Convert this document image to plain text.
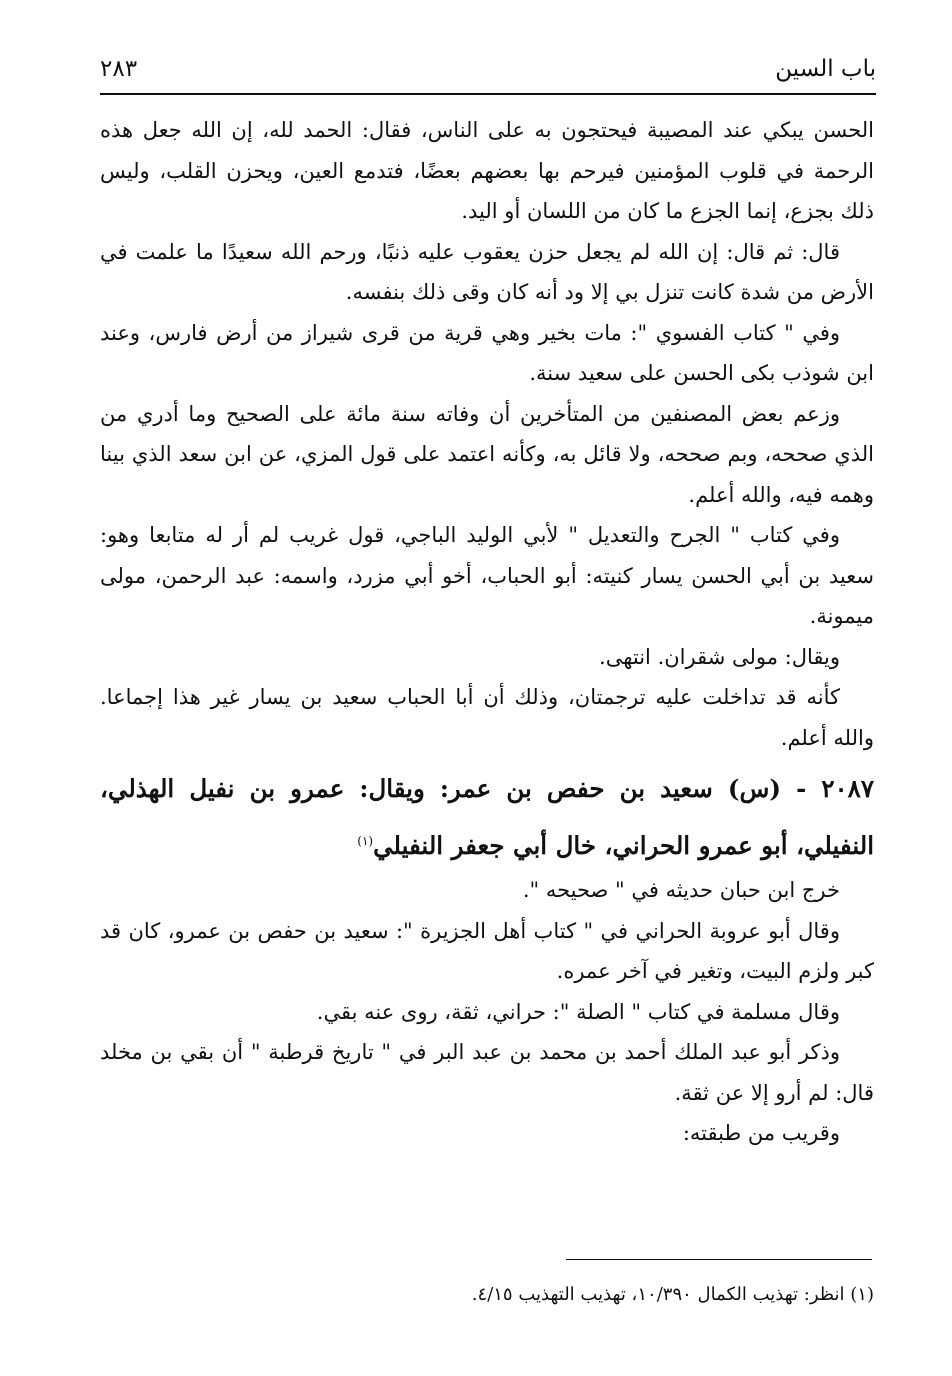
باب السين
٢٨٣

الحسن يبكي عند المصيبة فيحتجون به على الناس، فقال: الحمد لله، إن الله جعل هذه الرحمة في قلوب المؤمنين فيرحم بها بعضهم بعضًا، فتدمع العين، ويحزن القلب، وليس ذلك بجزع، إنما الجزع ما كان من اللسان أو اليد.

قال: ثم قال: إن الله لم يجعل حزن يعقوب عليه ذنبًا، ورحم الله سعيدًا ما علمت في الأرض من شدة كانت تنزل بي إلا ود أنه كان وقى ذلك بنفسه.

وفي " كتاب الفسوي ": مات بخير وهي قرية من قرى شيراز من أرض فارس، وعند ابن شوذب بكى الحسن على سعيد سنة.

وزعم بعض المصنفين من المتأخرين أن وفاته سنة مائة على الصحيح وما أدري من الذي صححه، وبم صححه، ولا قائل به، وكأنه اعتمد على قول المزي، عن ابن سعد الذي بينا وهمه فيه، والله أعلم.

وفي كتاب " الجرح والتعديل " لأبي الوليد الباجي، قول غريب لم أر له متابعا وهو: سعيد بن أبي الحسن يسار كنيته: أبو الحباب، أخو أبي مزرد، واسمه: عبد الرحمن، مولى ميمونة.

ويقال: مولى شقران. انتهى.

كأنه قد تداخلت عليه ترجمتان، وذلك أن أبا الحباب سعيد بن يسار غير هذا إجماعا. والله أعلم.

٢٠٨٧ - (س) سعيد بن حفص بن عمر: ويقال: عمرو بن نفيل الهذلي، النفيلي، أبو عمرو الحراني، خال أبي جعفر النفيلي$^{(١)}$

خرج ابن حبان حديثه في " صحيحه ".

وقال أبو عروبة الحراني في " كتاب أهل الجزيرة ": سعيد بن حفص بن عمرو، كان قد كبر ولزم البيت، وتغير في آخر عمره.

وقال مسلمة في كتاب " الصلة ": حراني، ثقة، روى عنه بقي.

وذكر أبو عبد الملك أحمد بن محمد بن عبد البر في " تاريخ قرطبة " أن بقي بن مخلد قال: لم أرو إلا عن ثقة.

وقريب من طبقته:

(١) انظر: تهذيب الكمال ١٠/٣٩٠، تهذيب التهذيب ٤/١٥.
